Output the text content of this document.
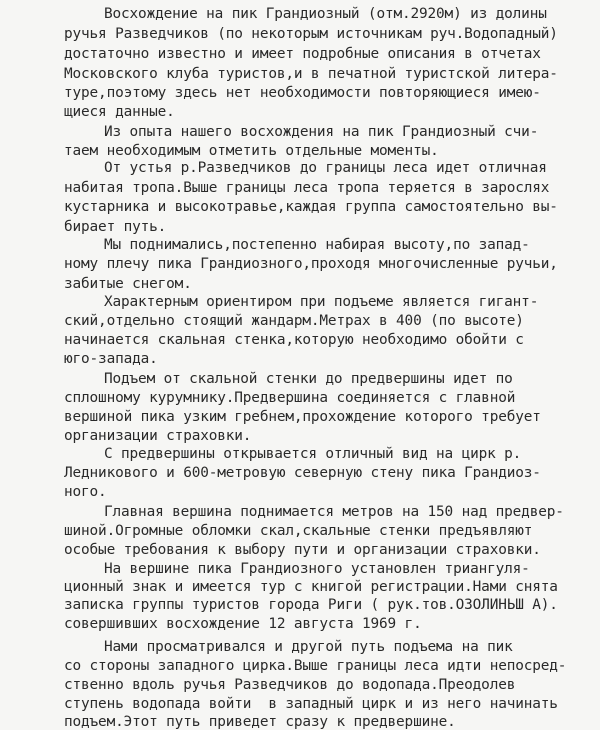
Восхождение на пик Грандиозный (отм.2920м) из долины
ручья Разведчиков (по некоторым источникам руч.Водопадный)
достаточно известно и имеет подробные описания в отчетах
Московского клуба туристов,и в печатной туристской литера-
туре,поэтому здесь нет необходимости повторяющиеся имею-
щиеся данные.
Из опыта нашего восхождения на пик Грандиозный счи-
таем необходимым отметить отдельные моменты.
От устья р.Разведчиков до границы леса идет отличная
набитая тропа.Выше границы леса тропа теряется в зарослях
кустарника и высокотравье,каждая группа самостоятельно вы-
бирает путь.
Мы поднимались,постепенно набирая высоту,по запад-
ному плечу пика Грандиозного,проходя многочисленные ручьи,
забитые снегом.
Характерным ориентиром при подъеме является гигант-
ский,отдельно стоящий жандарм.Метрах в 400 (по высоте)
начинается скальная стенка,которую необходимо обойти с
юго-запада.
Подъем от скальной стенки до предвершины идет по
сплошному курумнику.Предвершина соединяется с главной
вершиной пика узким гребнем,прохождение которого требует
организации страховки.
С предвершины открывается отличный вид на цирк р.
Ледникового и 600-метровую северную стену пика Грандиоз-
ного.
Главная вершина поднимается метров на 150 над предвер-
шиной.Огромные обломки скал,скальные стенки предъявляют
особые требования к выбору пути и организации страховки.
На вершине пика Грандиозного установлен триангуля-
ционный знак и имеется тур с книгой регистрации.Нами снята
записка группы туристов города Риги ( рук.тов.ОЗОЛИНЬШ А).
совершивших восхождение 12 августа 1969 г.
Нами просматривался и другой путь подъема на пик
со стороны западного цирка.Выше границы леса идти непосред-
ственно вдоль ручья Разведчиков до водопада.Преодолев
ступень водопада войти  в западный цирк и из него начинать
подъем.Этот путь приведет сразу к предвершине.
